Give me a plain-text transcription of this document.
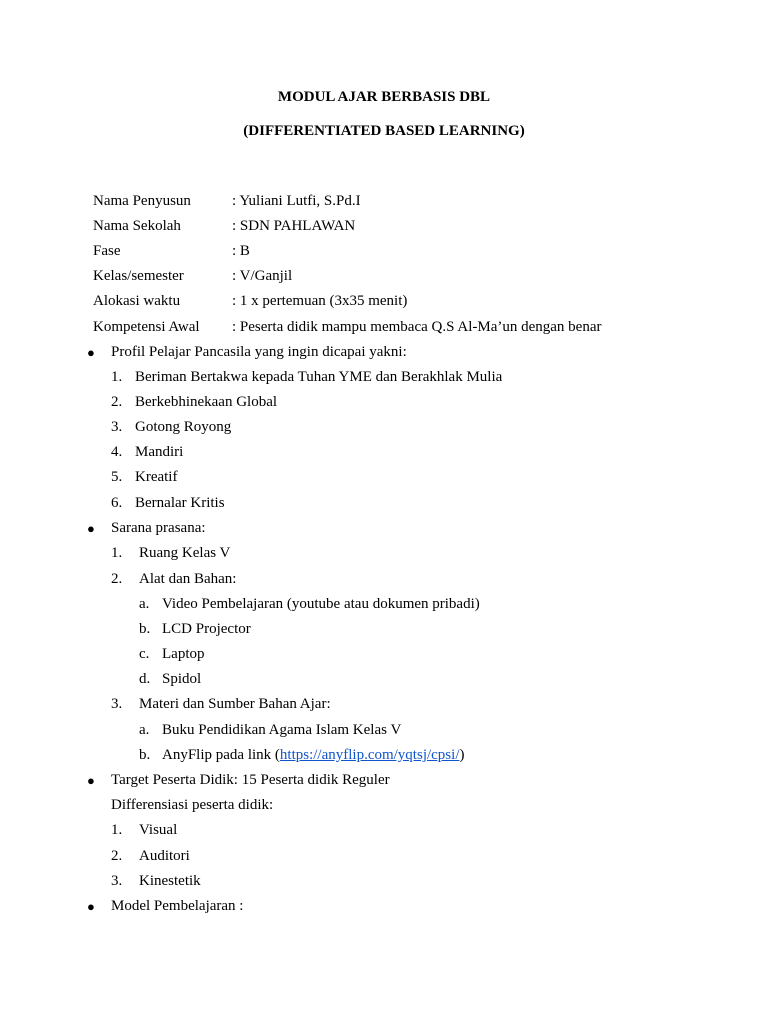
MODUL AJAR BERBASIS DBL
(DIFFERENTIATED BASED LEARNING)
Nama Penyusun	: Yuliani Lutfi, S.Pd.I
Nama Sekolah	: SDN PAHLAWAN
Fase	: B
Kelas/semester	: V/Ganjil
Alokasi waktu	: 1 x pertemuan (3x35 menit)
Kompetensi Awal : Peserta didik mampu membaca Q.S Al-Ma’un dengan benar
● Profil Pelajar Pancasila yang ingin dicapai yakni:
1. Beriman Bertakwa kepada Tuhan YME dan Berakhlak Mulia
2. Berkebhinekaan Global
3. Gotong Royong
4. Mandiri
5. Kreatif
6. Bernalar Kritis
● Sarana prasana:
1. Ruang Kelas V
2. Alat dan Bahan:
a. Video Pembelajaran (youtube atau dokumen pribadi)
b. LCD Projector
c. Laptop
d. Spidol
3. Materi dan Sumber Bahan Ajar:
a. Buku Pendidikan Agama Islam Kelas V
b. AnyFlip pada link (https://anyflip.com/yqtsj/cpsi/)
● Target Peserta Didik: 15 Peserta didik Reguler
Differensiasi peserta didik:
1. Visual
2. Auditori
3. Kinestetik
● Model Pembelajaran :
